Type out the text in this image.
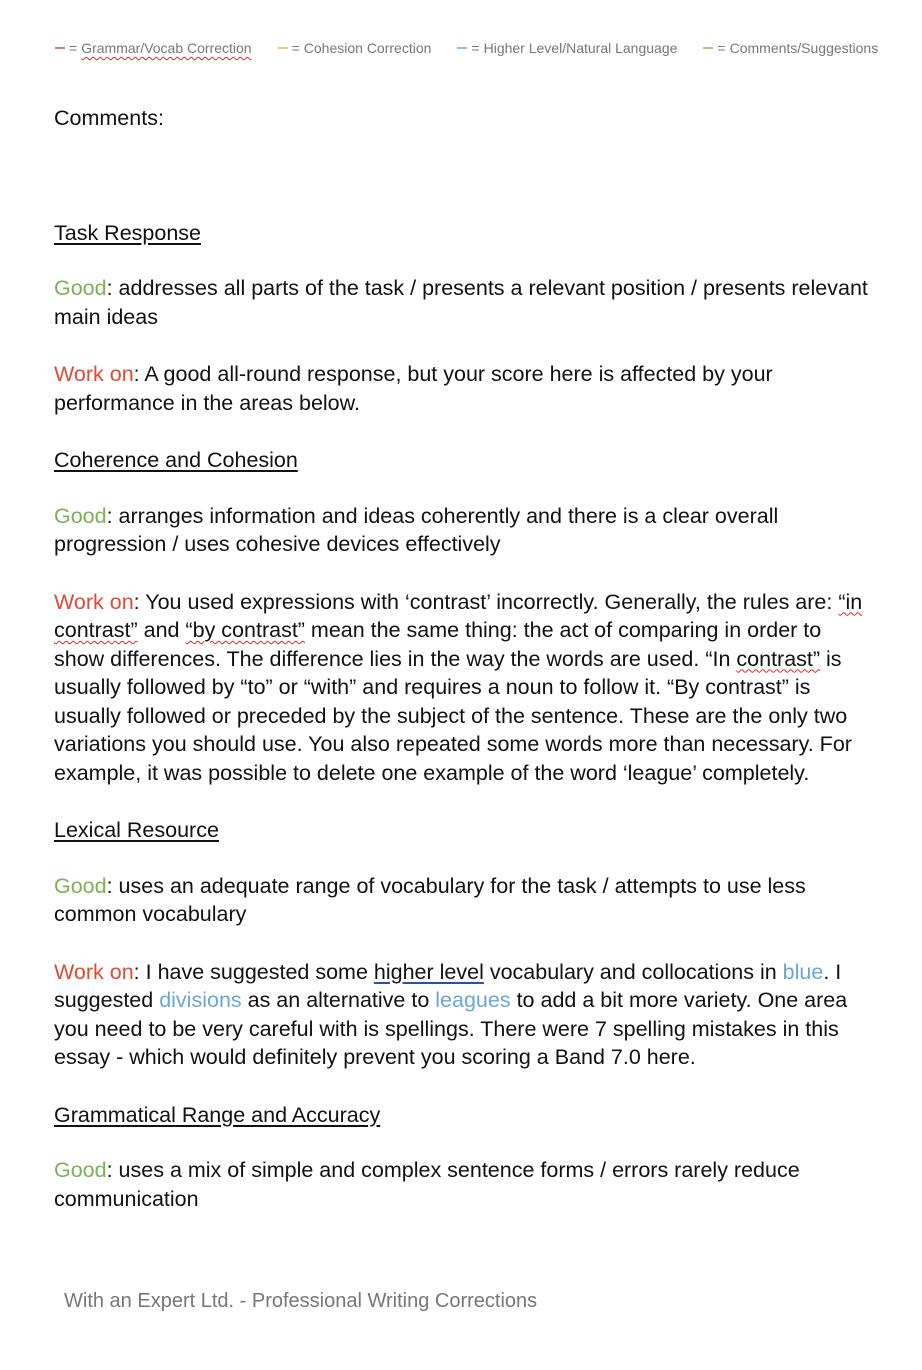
= Grammar/Vocab Correction	= Cohesion Correction	= Higher Level/Natural Language	= Comments/Suggestions

Comments:

Task Response

Good: addresses all parts of the task / presents a relevant position / presents relevant main ideas

Work on: A good all-round response, but your score here is affected by your performance in the areas below.

Coherence and Cohesion

Good: arranges information and ideas coherently and there is a clear overall progression / uses cohesive devices effectively

Work on: You used expressions with ‘contrast’ incorrectly. Generally, the rules are: “in contrast” and “by contrast” mean the same thing: the act of comparing in order to show differences. The difference lies in the way the words are used. “In contrast” is usually followed by “to” or “with” and requires a noun to follow it. “By contrast” is usually followed or preceded by the subject of the sentence. These are the only two variations you should use. You also repeated some words more than necessary. For example, it was possible to delete one example of the word ‘league’ completely.

Lexical Resource

Good: uses an adequate range of vocabulary for the task / attempts to use less common vocabulary

Work on: I have suggested some higher level vocabulary and collocations in blue. I suggested divisions as an alternative to leagues to add a bit more variety. One area you need to be very careful with is spellings. There were 7 spelling mistakes in this essay - which would definitely prevent you scoring a Band 7.0 here.

Grammatical Range and Accuracy

Good: uses a mix of simple and complex sentence forms / errors rarely reduce communication

With an Expert Ltd. - Professional Writing Corrections
